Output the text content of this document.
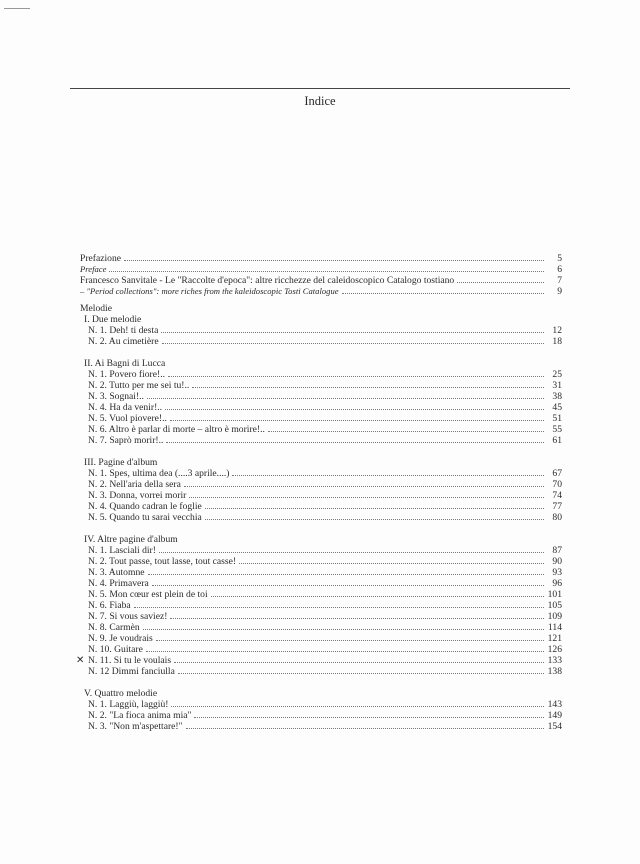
Indice
Prefazione	5
Preface	6
Francesco Sanvitale - Le "Raccolte d'epoca": altre ricchezze del caleidoscopico Catalogo tostiano	7
– "Period collections": more riches from the kaleidoscopic Tosti Catalogue	9
Melodie
I. Due melodie
N. 1. Deh! ti desta	12
N. 2. Au cimetière	18
II. Ai Bagni di Lucca
N. 1. Povero fiore!..	25
N. 2. Tutto per me sei tu!..	31
N. 3. Sognai!..	38
N. 4. Ha da venir!..	45
N. 5. Vuol piovere!..	51
N. 6. Altro è parlar di morte – altro è morire!..	55
N. 7. Saprò morir!..	61
III. Pagine d'album
N. 1. Spes, ultima dea (....3 aprile....)	67
N. 2. Nell'aria della sera	70
N. 3. Donna, vorrei morir	74
N. 4. Quando cadran le foglie	77
N. 5. Quando tu sarai vecchia	80
IV. Altre pagine d'album
N. 1. Lasciali dir!	87
N. 2. Tout passe, tout lasse, tout casse!	90
N. 3. Automne	93
N. 4. Primavera	96
N. 5. Mon cœur est plein de toi	101
N. 6. Fiaba	105
N. 7. Si vous saviez!	109
N. 8. Carmèn	114
N. 9. Je voudrais	121
N. 10. Guitare	126
✕ N. 11. Si tu le voulais	133
N. 12 Dimmi fanciulla	138
V. Quattro melodie
N. 1. Laggiù, laggiù!	143
N. 2. "La fioca anima mia"	149
N. 3. "Non m'aspettare!"	154
